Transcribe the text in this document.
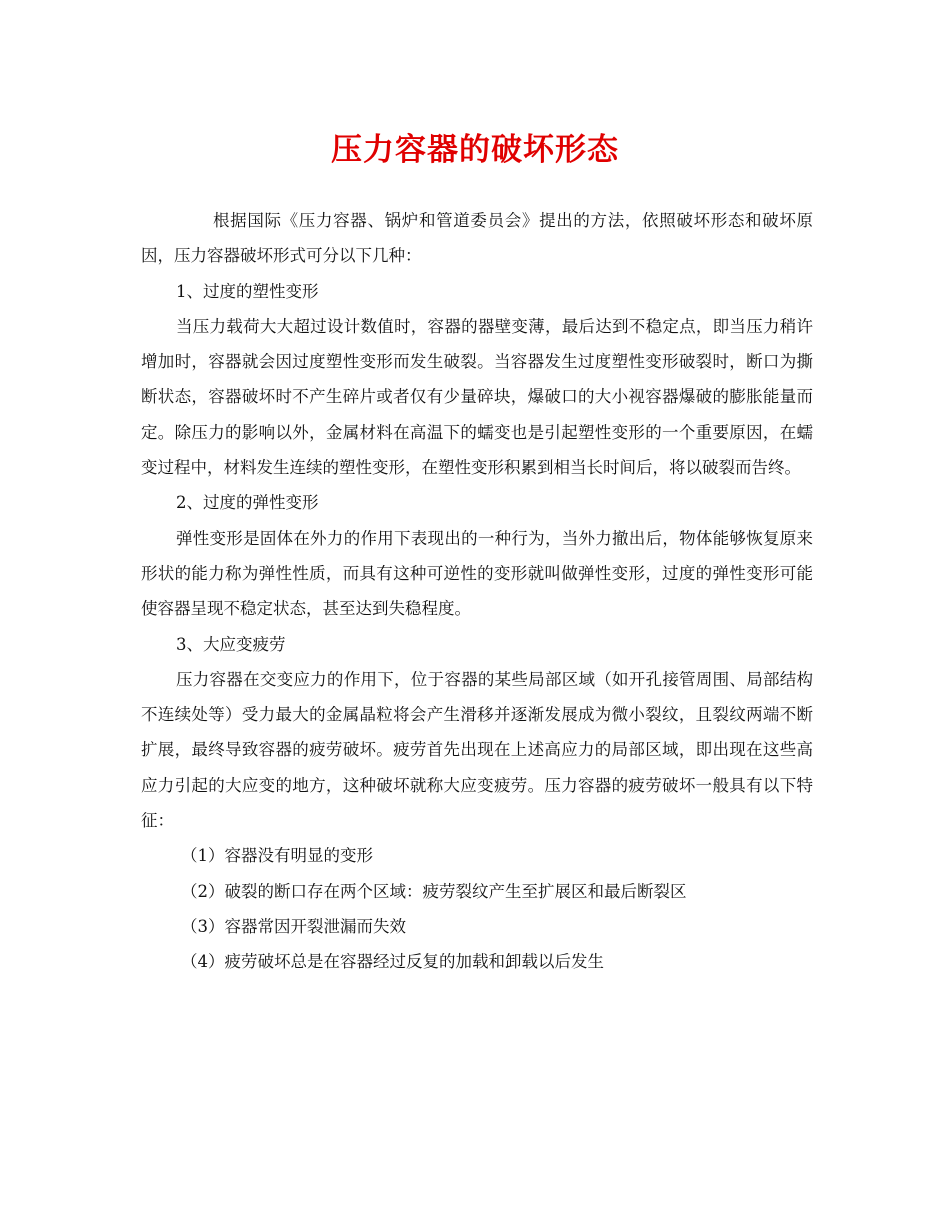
压力容器的破坏形态

根据国际《压力容器、锅炉和管道委员会》提出的方法，依照破坏形态和破坏原因，压力容器破坏形式可分以下几种：

1、过度的塑性变形

当压力载荷大大超过设计数值时，容器的器壁变薄，最后达到不稳定点，即当压力稍许增加时，容器就会因过度塑性变形而发生破裂。当容器发生过度塑性变形破裂时，断口为撕断状态，容器破坏时不产生碎片或者仅有少量碎块，爆破口的大小视容器爆破的膨胀能量而定。除压力的影响以外，金属材料在高温下的蠕变也是引起塑性变形的一个重要原因，在蠕变过程中，材料发生连续的塑性变形，在塑性变形积累到相当长时间后，将以破裂而告终。

2、过度的弹性变形

弹性变形是固体在外力的作用下表现出的一种行为，当外力撤出后，物体能够恢复原来形状的能力称为弹性性质，而具有这种可逆性的变形就叫做弹性变形，过度的弹性变形可能使容器呈现不稳定状态，甚至达到失稳程度。

3、大应变疲劳

压力容器在交变应力的作用下，位于容器的某些局部区域（如开孔接管周围、局部结构不连续处等）受力最大的金属晶粒将会产生滑移并逐渐发展成为微小裂纹，且裂纹两端不断扩展，最终导致容器的疲劳破坏。疲劳首先出现在上述高应力的局部区域，即出现在这些高应力引起的大应变的地方，这种破坏就称大应变疲劳。压力容器的疲劳破坏一般具有以下特征：

（1）容器没有明显的变形

（2）破裂的断口存在两个区域：疲劳裂纹产生至扩展区和最后断裂区

（3）容器常因开裂泄漏而失效

（4）疲劳破坏总是在容器经过反复的加载和卸载以后发生
